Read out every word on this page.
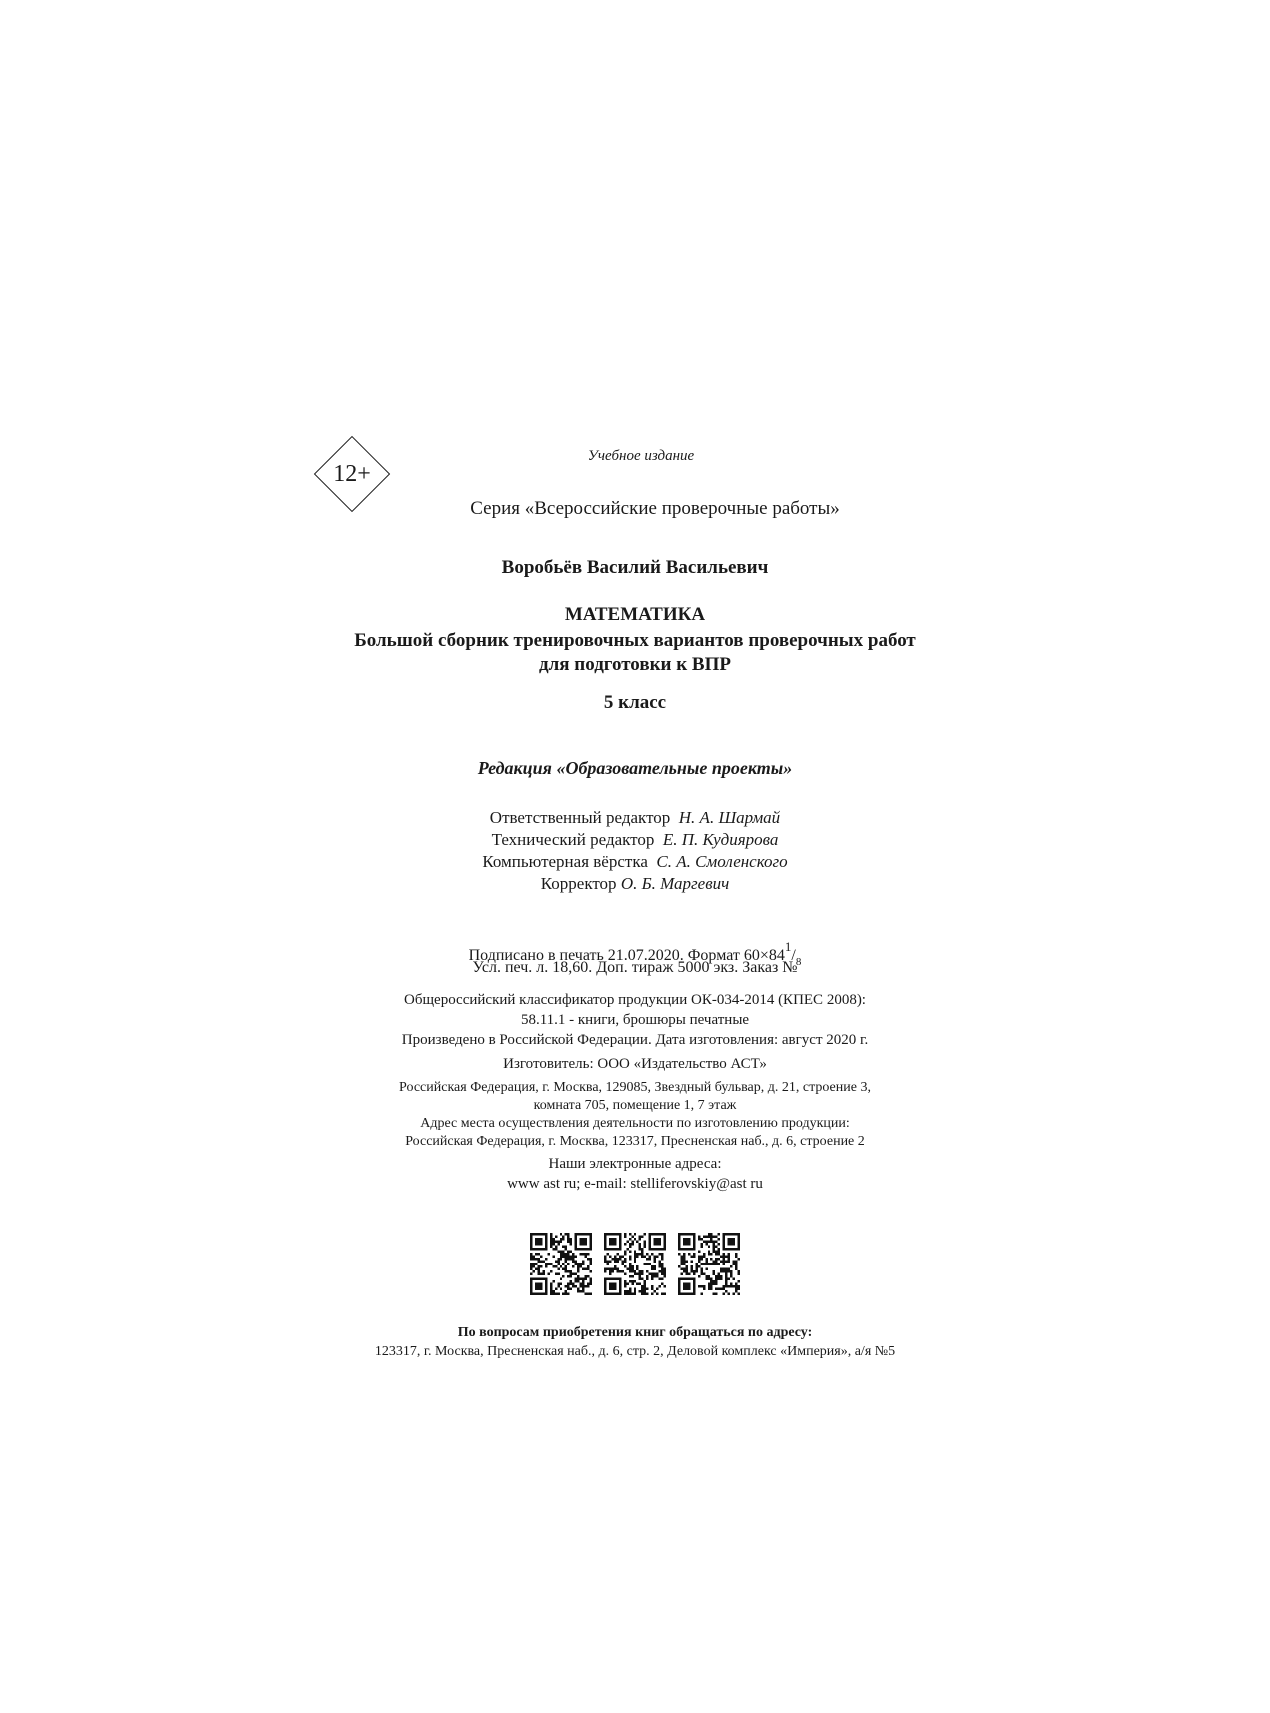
12+
Учебное издание
Серия «Всероссийские проверочные работы»
Воробьёв Василий Васильевич
МАТЕМАТИКА
Большой сборник тренировочных вариантов проверочных работ
для подготовки к ВПР
5 класс
Редакция «Образовательные проекты»
Ответственный редактор Н. А. Шармай
Технический редактор Е. П. Кудиярова
Компьютерная вёрстка С. А. Смоленского
Корректор О. Б. Маргевич
Подписано в печать 21.07.2020. Формат $60\times 84^1/_8$
Усл. печ. л. 18,60. Доп. тираж 5000 экз. Заказ №
Общероссийский классификатор продукции ОК-034-2014 (КПЕС 2008):
58.11.1 - книги, брошюры печатные
Произведено в Российской Федерации. Дата изготовления: август 2020 г.
Изготовитель: ООО «Издательство АСТ»
Российская Федерация, г. Москва, 129085, Звездный бульвар, д. 21, строение 3,
комната 705, помещение 1, 7 этаж
Адрес места осуществления деятельности по изготовлению продукции:
Российская Федерация, г. Москва, 123317, Пресненская наб., д. 6, строение 2
Наши электронные адреса:
www ast ru; e-mail: stelliferovskiy@ast ru

По вопросам приобретения книг обращаться по адресу:
123317, г. Москва, Пресненская наб., д. 6, стр. 2, Деловой комплекс «Империя», а/я №5
